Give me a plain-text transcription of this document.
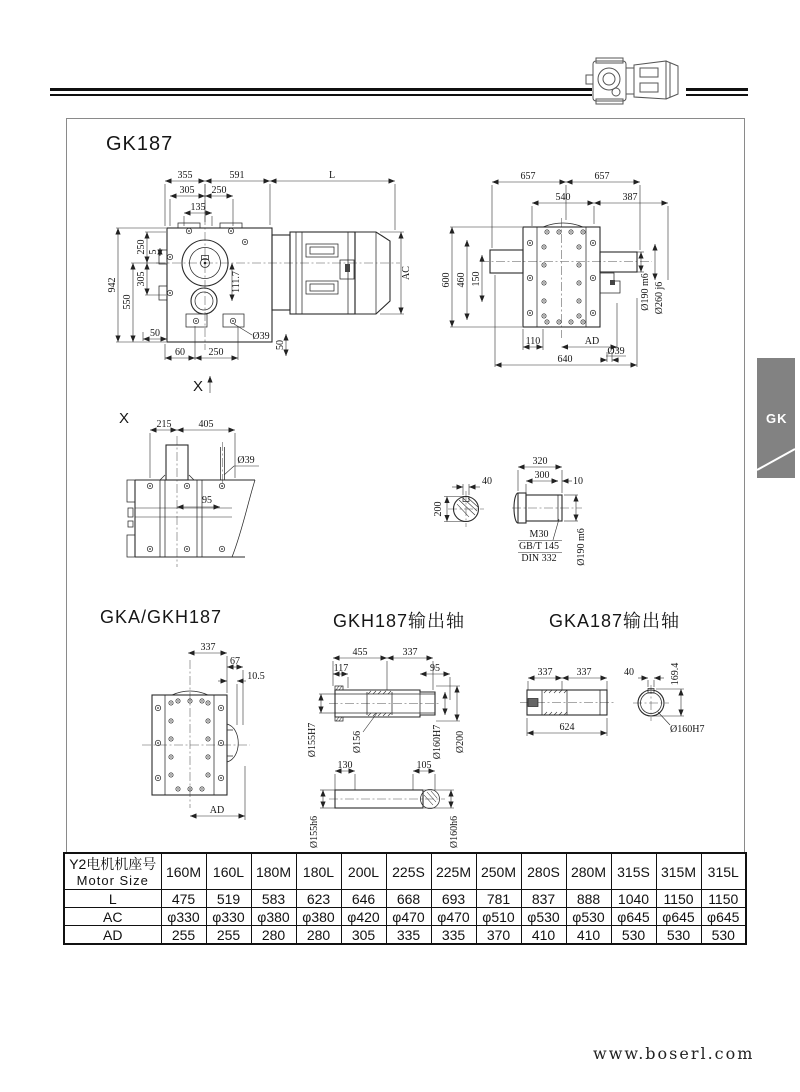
GK
GK187
GKA/GKH187	GKH187输出轴	GKA187输出轴
355	591	L
305 250
135
942
550
250
305
5
50
60 250
Ø39
50
111.7	AC
657	657
540	387
600 460 150	Ø190 m6 Ø260 j6
110	AD
Ø39
640
X
X	215	405
Ø39
95
40
200
320
300
10
M30
GB/T 145
DIN 332 Ø190 m6
337
67
10.5
AD
455	337
117	95
Ø155H7	Ø156	Ø160H7 Ø200
130	105
Ø155h6	Ø160h6
337 337
624
40	169.4
Ø160H7
Y2电机机座号
Motor Size	160M	160L	180M	180L	200L	225S	225M	250M	280S	280M	315S	315M	315L
L	475	519	583	623	646	668	693	781	837	888	1040	1150	1150
AC	φ330	φ330	φ380	φ380	φ420	φ470	φ470	φ510	φ530	φ530	φ645	φ645	φ645
AD	255	255	280	280	305	335	335	370	410	410	530	530	530
www.boserl.com
